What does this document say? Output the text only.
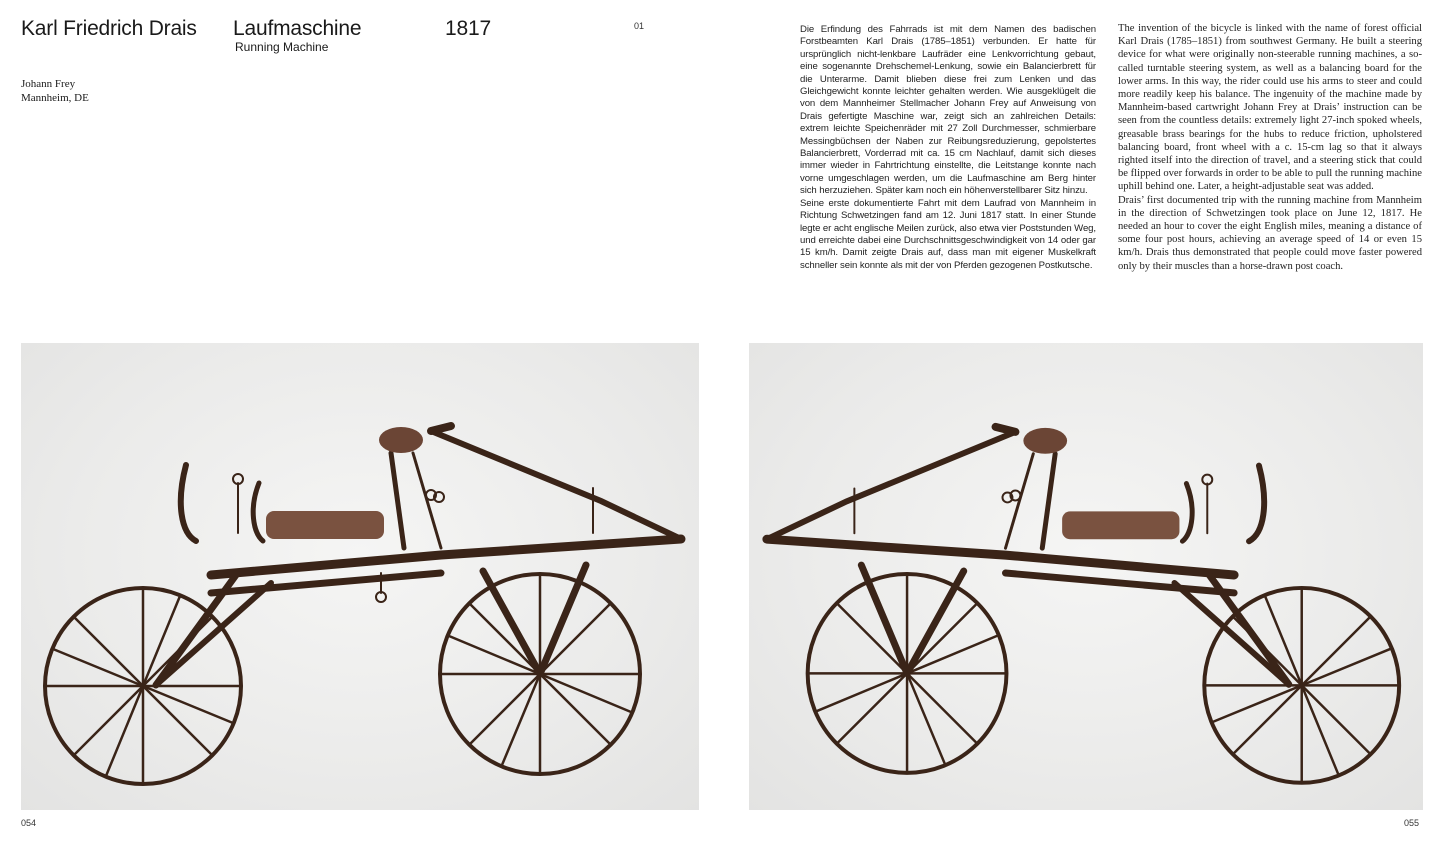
Karl Friedrich Drais Laufmaschine
Running Machine
1817	01
Johann Frey
Mannheim, DE

Die Erfindung des Fahrrads ist mit dem Namen des badischen Forstbeamten Karl Drais (1785–1851) verbunden. Er hatte für ursprünglich nicht-lenkbare Laufräder eine Lenkvorrichtung gebaut, eine sogenannte Drehschemel-Lenkung, sowie ein Balancierbrett für die Unterarme. Damit blieben diese frei zum Lenken und das Gleichgewicht konnte leichter gehalten werden. Wie ausgeklügelt die von dem Mannheimer Stellmacher Johann Frey auf Anweisung von Drais gefertigte Maschine war, zeigt sich an zahlreichen Details: extrem leichte Speichenräder mit 27 Zoll Durchmesser, schmierbare Messingbüchsen der Naben zur Reibungsreduzierung, gepolstertes Balancierbrett, Vorderrad mit ca. 15 cm Nachlauf, damit sich dieses immer wieder in Fahrtrichtung einstellte, die Leitstange konnte nach vorne umgeschlagen werden, um die Laufmaschine am Berg hinter sich herzuziehen. Später kam noch ein höhenverstellbarer Sitz hinzu.

Seine erste dokumentierte Fahrt mit dem Laufrad von Mannheim in Richtung Schwetzingen fand am 12. Juni 1817 statt. In einer Stunde legte er acht englische Meilen zurück, also etwa vier Poststunden Weg, und erreichte dabei eine Durchschnittsgeschwindigkeit von 14 oder gar 15 km/h. Damit zeigte Drais auf, dass man mit eigener Muskelkraft schneller sein konnte als mit der von Pferden gezogenen Postkutsche.

The invention of the bicycle is linked with the name of forest official Karl Drais (1785–1851) from southwest Germany. He built a steering device for what were originally non-steerable running machines, a so-called turntable steering system, as well as a balancing board for the lower arms. In this way, the rider could use his arms to steer and could more readily keep his balance. The ingenuity of the machine made by Mannheim-based cartwright Johann Frey at Drais’ instruction can be seen from the countless details: extremely light 27-inch spoked wheels, greasable brass bearings for the hubs to reduce friction, upholstered balancing board, front wheel with a c. 15-cm lag so that it always righted itself into the direction of travel, and a steering stick that could be flipped over forwards in order to be able to pull the running machine uphill behind one. Later, a height-adjustable seat was added.

Drais’ first documented trip with the running machine from Mannheim in the direction of Schwetzingen took place on June 12, 1817. He needed an hour to cover the eight English miles, meaning a distance of some four post hours, achieving an average speed of 14 or even 15 km/h. Drais thus demonstrated that people could move faster powered only by their muscles than a horse-drawn post coach.

054	055
